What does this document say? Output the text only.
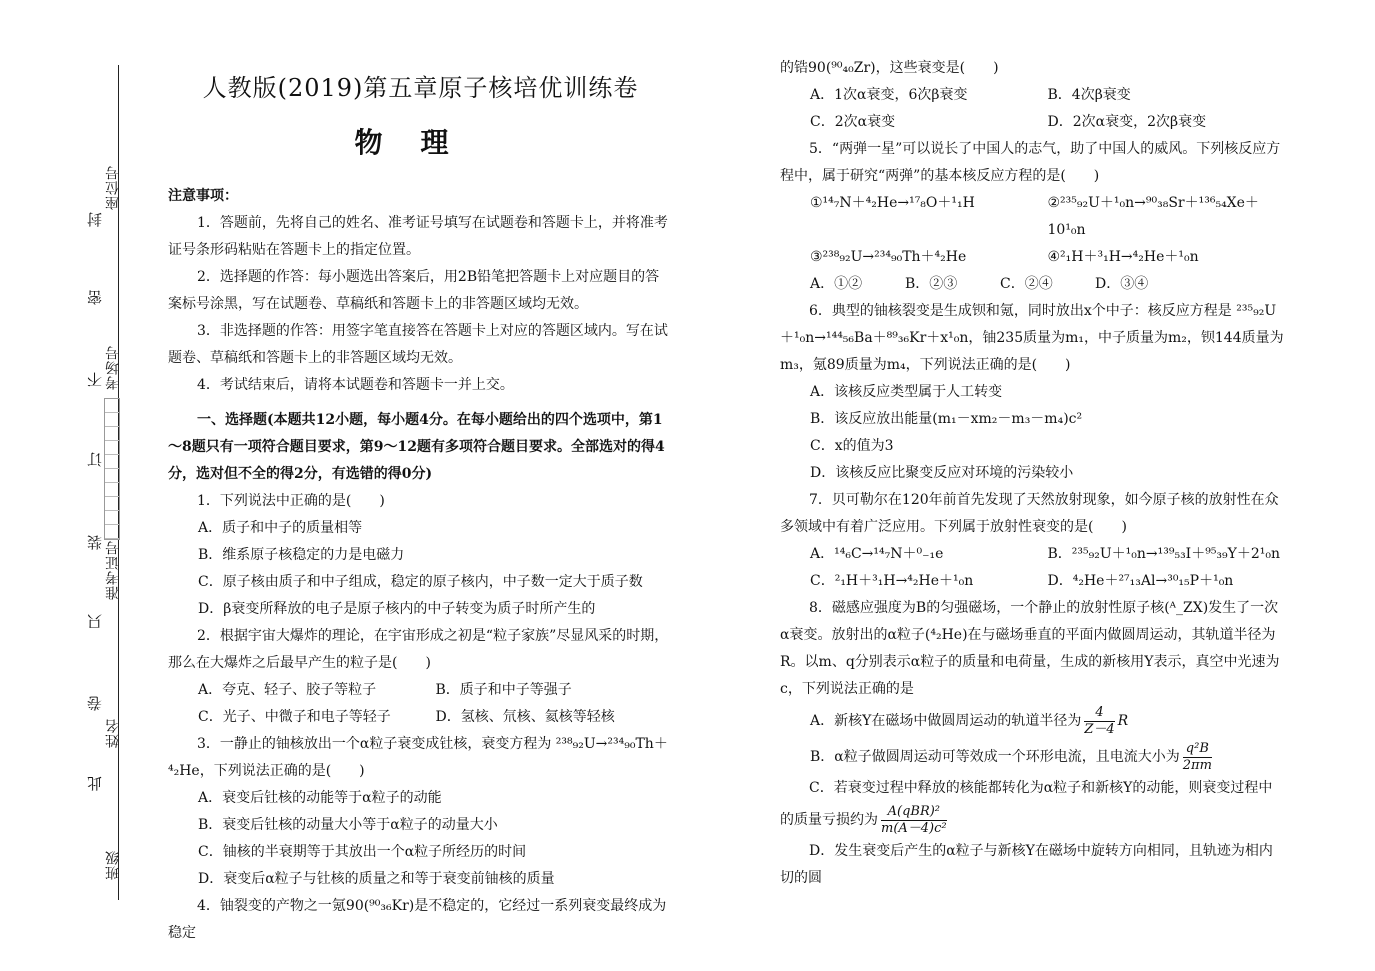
封
密
不
订
装
只
卷
此
座位号
考场号
准考证号
姓名
班级
人教版(2019)第五章原子核培优训练卷
物理

注意事项：

1．答题前，先将自己的姓名、准考证号填写在试题卷和答题卡上，并将准考证号条形码粘贴在答题卡上的指定位置。

2．选择题的作答：每小题选出答案后，用2B铅笔把答题卡上对应题目的答案标号涂黑，写在试题卷、草稿纸和答题卡上的非答题区域均无效。

3．非选择题的作答：用签字笔直接答在答题卡上对应的答题区域内。写在试题卷、草稿纸和答题卡上的非答题区域均无效。

4．考试结束后，请将本试题卷和答题卡一并上交。

一、选择题(本题共12小题，每小题4分。在每小题给出的四个选项中，第1～8题只有一项符合题目要求，第9～12题有多项符合题目要求。全部选对的得4分，选对但不全的得2分，有选错的得0分)

1．下列说法中正确的是(　　)

A．质子和中子的质量相等

B．维系原子核稳定的力是电磁力

C．原子核由质子和中子组成，稳定的原子核内，中子数一定大于质子数

D．β衰变所释放的电子是原子核内的中子转变为质子时所产生的

2．根据宇宙大爆炸的理论，在宇宙形成之初是“粒子家族”尽显风采的时期，那么在大爆炸之后最早产生的粒子是(　　)

A．夸克、轻子、胶子等粒子	B．质子和中子等强子
C．光子、中微子和电子等轻子	D．氢核、氘核、氦核等轻核

3．一静止的铀核放出一个α粒子衰变成钍核，衰变方程为 ²³⁸₉₂U→²³⁴₉₀Th＋⁴₂He，下列说法正确的是(　　)

A．衰变后钍核的动能等于α粒子的动能

B．衰变后钍核的动量大小等于α粒子的动量大小

C．铀核的半衰期等于其放出一个α粒子所经历的时间

D．衰变后α粒子与钍核的质量之和等于衰变前铀核的质量

4．铀裂变的产物之一氪90(⁹⁰₃₆Kr)是不稳定的，它经过一系列衰变最终成为稳定

的锆90(⁹⁰₄₀Zr)，这些衰变是(　　)

A．1次α衰变，6次β衰变	B．4次β衰变
C．2次α衰变	D．2次α衰变，2次β衰变

5．“两弹一星”可以说长了中国人的志气，助了中国人的威风。下列核反应方程中，属于研究“两弹”的基本核反应方程的是(　　)

①¹⁴₇N＋⁴₂He→¹⁷₈O＋¹₁H	②²³⁵₉₂U＋¹₀n→⁹⁰₃₈Sr＋¹³⁶₅₄Xe＋10¹₀n
③²³⁸₉₂U→²³⁴₉₀Th＋⁴₂He	④²₁H＋³₁H→⁴₂He＋¹₀n
A．①②	B．②③	C．②④	D．③④

6．典型的铀核裂变是生成钡和氪，同时放出x个中子：核反应方程是 ²³⁵₉₂U＋¹₀n→¹⁴⁴₅₆Ba＋⁸⁹₃₆Kr＋x¹₀n，铀235质量为m₁，中子质量为m₂，钡144质量为m₃，氪89质量为m₄，下列说法正确的是(　　)

A．该核反应类型属于人工转变

B．该反应放出能量(m₁－xm₂－m₃－m₄)c²

C．x的值为3

D．该核反应比聚变反应对环境的污染较小

7．贝可勒尔在120年前首先发现了天然放射现象，如今原子核的放射性在众多领域中有着广泛应用。下列属于放射性衰变的是(　　)

A．¹⁴₆C→¹⁴₇N＋⁰₋₁e	B．²³⁵₉₂U＋¹₀n→¹³⁹₅₃I＋⁹⁵₃₉Y＋2¹₀n
C．²₁H＋³₁H→⁴₂He＋¹₀n	D．⁴₂He＋²⁷₁₃Al→³⁰₁₅P＋¹₀n

8．磁感应强度为B的匀强磁场，一个静止的放射性原子核(ᴬ_ZX)发生了一次α衰变。放射出的α粒子(⁴₂He)在与磁场垂直的平面内做圆周运动，其轨道半径为R。以m、q分别表示α粒子的质量和电荷量，生成的新核用Y表示，真空中光速为c，下列说法正确的是

A．新核Y在磁场中做圆周运动的轨道半径为 $\frac{4}{Z-4}$ R

B．α粒子做圆周运动可等效成一个环形电流，且电流大小为 $\frac{\text{q²B}}{2\pi m}$

C．若衰变过程中释放的核能都转化为α粒子和新核Y的动能，则衰变过程中

的质量亏损约为 $\frac{\text{A(qBR)²}}{\text{m(A－4)c²}}$

D．发生衰变后产生的α粒子与新核Y在磁场中旋转方向相同，且轨迹为相内切的圆
